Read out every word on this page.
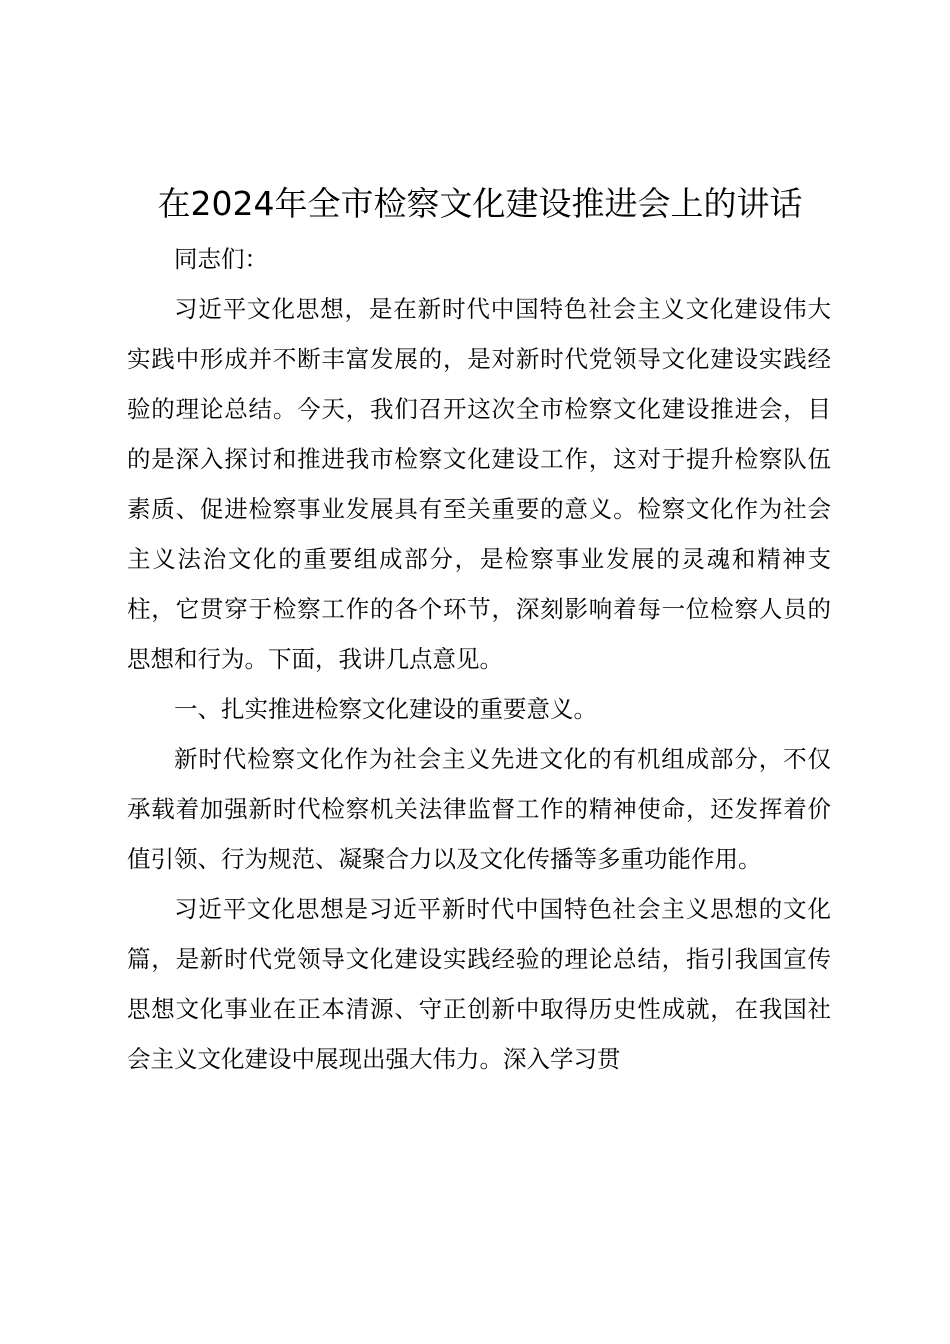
在2024年全市检察文化建设推进会上的讲话

同志们：

习近平文化思想，是在新时代中国特色社会主义文化建设伟大实践中形成并不断丰富发展的，是对新时代党领导文化建设实践经验的理论总结。今天，我们召开这次全市检察文化建设推进会，目的是深入探讨和推进我市检察文化建设工作，这对于提升检察队伍素质、促进检察事业发展具有至关重要的意义。检察文化作为社会主义法治文化的重要组成部分，是检察事业发展的灵魂和精神支柱，它贯穿于检察工作的各个环节，深刻影响着每一位检察人员的思想和行为。下面，我讲几点意见。

一、扎实推进检察文化建设的重要意义。

新时代检察文化作为社会主义先进文化的有机组成部分，不仅承载着加强新时代检察机关法律监督工作的精神使命，还发挥着价值引领、行为规范、凝聚合力以及文化传播等多重功能作用。

习近平文化思想是习近平新时代中国特色社会主义思想的文化篇，是新时代党领导文化建设实践经验的理论总结，指引我国宣传思想文化事业在正本清源、守正创新中取得历史性成就，在我国社会主义文化建设中展现出强大伟力。深入学习贯
